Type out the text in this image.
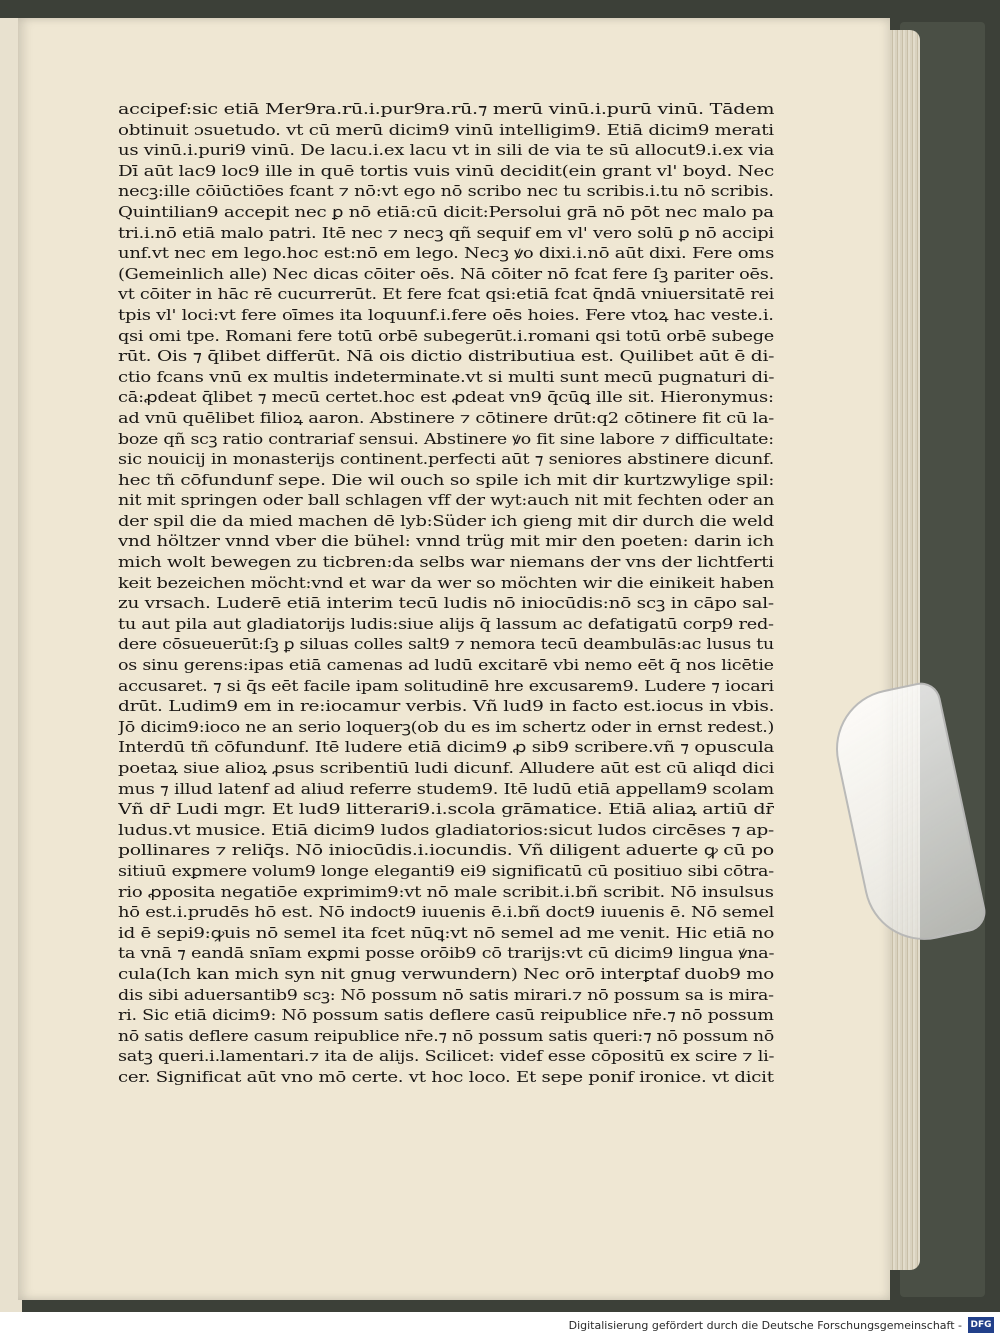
accipef:sic etiā Mer9ra.rū.i.pur9ra.rū.⁊ merū vinū.i.purū vinū. Tādem
obtinuit ɔsuetudo. vt cū merū dicim9 vinū intelligim9. Etiā dicim9 merati
us vinū.i.puri9 vinū. De lacu.i.ex lacu vt in sili de via te sū allocut9.i.ex via
Dī aūt lac9 loc9 ille in quē tortis vuis vinū decidit(ein grant vl' boyd. Nec
necꝫ:ille cōiūctiōes fcant ⁊ nō:vt ego nō scribo nec tu scribis.i.tu nō scribis.
Quintilian9 accepit nec ꝑ nō etiā:cū dicit:Persolui grā nō pōt nec malo pa
tri.i.nō etiā malo patri. Itē nec ⁊ necꝫ qñ sequif em vl' vero solū ꝑ nō accipi
unf.vt nec em lego.hoc est:nō em lego. Necꝫ ꝟo dixi.i.nō aūt dixi. Fere oms
(Gemeinlich alle) Nec dicas cōiter oēs. Nā cōiter nō fcat fere ſꝫ pariter oēs.
vt cōiter in hāc rē cucurrerūt. Et fere fcat qsi:etiā fcat q̄ndā vniuersitatē rei
tpis vl' loci:vt fere oīmes ita loquunf.i.fere oēs hoies. Fere vtoꝝ hac veste.i.
qsi omi tpe. Romani fere totū orbē subegerūt.i.romani qsi totū orbē subege
rūt. Ois ⁊ q̄libet differūt. Nā ois dictio distributiua est. Quilibet aūt ē di-
ctio fcans vnū ex multis indeterminate.vt si multi sunt mecū pugnaturi di-
cā:ꝓdeat q̄libet ⁊ mecū certet.hoc est ꝓdeat vn9 q̄cūꝗ ille sit. Hieronymus:
ad vnū quēlibet filioꝝ aaron. Abstinere ⁊ cōtinere drūt:q2 cōtinere fit cū la-
boze qñ scꝫ ratio contrariaf sensui. Abstinere ꝟo fit sine labore ⁊ difficultate:
sic nouicij in monasterijs continent.perfecti aūt ⁊ seniores abstinere dicunf.
hec tñ cōfundunf sepe. Die wil ouch so spile ich mit dir kurtzwylige spil:
nit mit springen oder ball schlagen vff der wyt:auch nit mit fechten oder an
der spil die da mied machen dē lyb:Süder ich gieng mit dir durch die weld
vnd höltzer vnnd vber die bühel: vnnd trüg mit mir den poeten: darin ich
mich wolt bewegen zu ticbren:da selbs war niemans der vns der lichtferti
keit bezeichen möcht:vnd et war da wer so möchten wir die einikeit haben
zu vrsach. Luderē etiā interim tecū ludis nō iniocūdis:nō scꝫ in cāpo sal-
tu aut pila aut gladiatorijs ludis:siue alijs q̄ lassum ac defatigatū corp9 red-
dere cōsueuerūt:ſꝫ ꝑ siluas colles salt9 ⁊ nemora tecū deambulās:ac lusus tu
os sinu gerens:ipas etiā camenas ad ludū excitarē vbi nemo eēt q̄ nos licētie
accusaret. ⁊ si q̄s eēt facile ipam solitudinē hre excusarem9. Ludere ⁊ iocari
drūt. Ludim9 em in re:iocamur verbis. Vñ lud9 in facto est.iocus in vbis.
Jō dicim9:ioco ne an serio loquerꝫ(ob du es im schertz oder in ernst redest.)
Interdū tñ cōfundunf. Itē ludere etiā dicim9 ꝓ sib9 scribere.vñ ⁊ opuscula
poetaꝝ siue alioꝝ ꝓsus scribentiū ludi dicunf. Alludere aūt est cū aliqd dici
mus ⁊ illud latenf ad aliud referre studem9. Itē ludū etiā appellam9 scolam
Vñ dr̄ Ludi mgr. Et lud9 litterari9.i.scola grāmatice. Etiā aliaꝝ artiū dr̄
ludus.vt musice. Etiā dicim9 ludos gladiatorios:sicut ludos circēses ⁊ ap-
pollinares ⁊ reliq̄s. Nō iniocūdis.i.iocundis. Vñ diligent aduerte ꝙ cū po
sitiuū exꝑmere volum9 longe eleganti9 ei9 significatū cū positiuo sibi cōtra-
rio ꝓposita negatiōe exprimim9:vt nō male scribit.i.bñ scribit. Nō insulsus
hō est.i.prudēs hō est. Nō indoct9 iuuenis ē.i.bñ doct9 iuuenis ē. Nō semel
id ē sepi9:ꝙuis nō semel ita fcet nūꝗ:vt nō semel ad me venit. Hic etiā no
ta vnā ⁊ eandā snīam exꝑmi posse orōib9 cō trarijs:vt cū dicim9 lingua ꝟna-
cula(Ich kan mich syn nit gnug verwundern) Nec orō interꝑtaf duob9 mo
dis sibi aduersantib9 scꝫ: Nō possum nō satis mirari.⁊ nō possum sa is mira-
ri. Sic etiā dicim9: Nō possum satis deflere casū reipublice nr̄e.⁊ nō possum
nō satis deflere casum reipublice nr̄e.⁊ nō possum satis queri:⁊ nō possum nō
satꝫ queri.i.lamentari.⁊ ita de alijs. Scilicet: videf esse cōpositū ex scire ⁊ li-
cer. Significat aūt vno mō certe. vt hoc loco. Et sepe ponif ironice. vt dicit
Digitalisierung gefördert durch die Deutsche Forschungsgemeinschaft - DFG
